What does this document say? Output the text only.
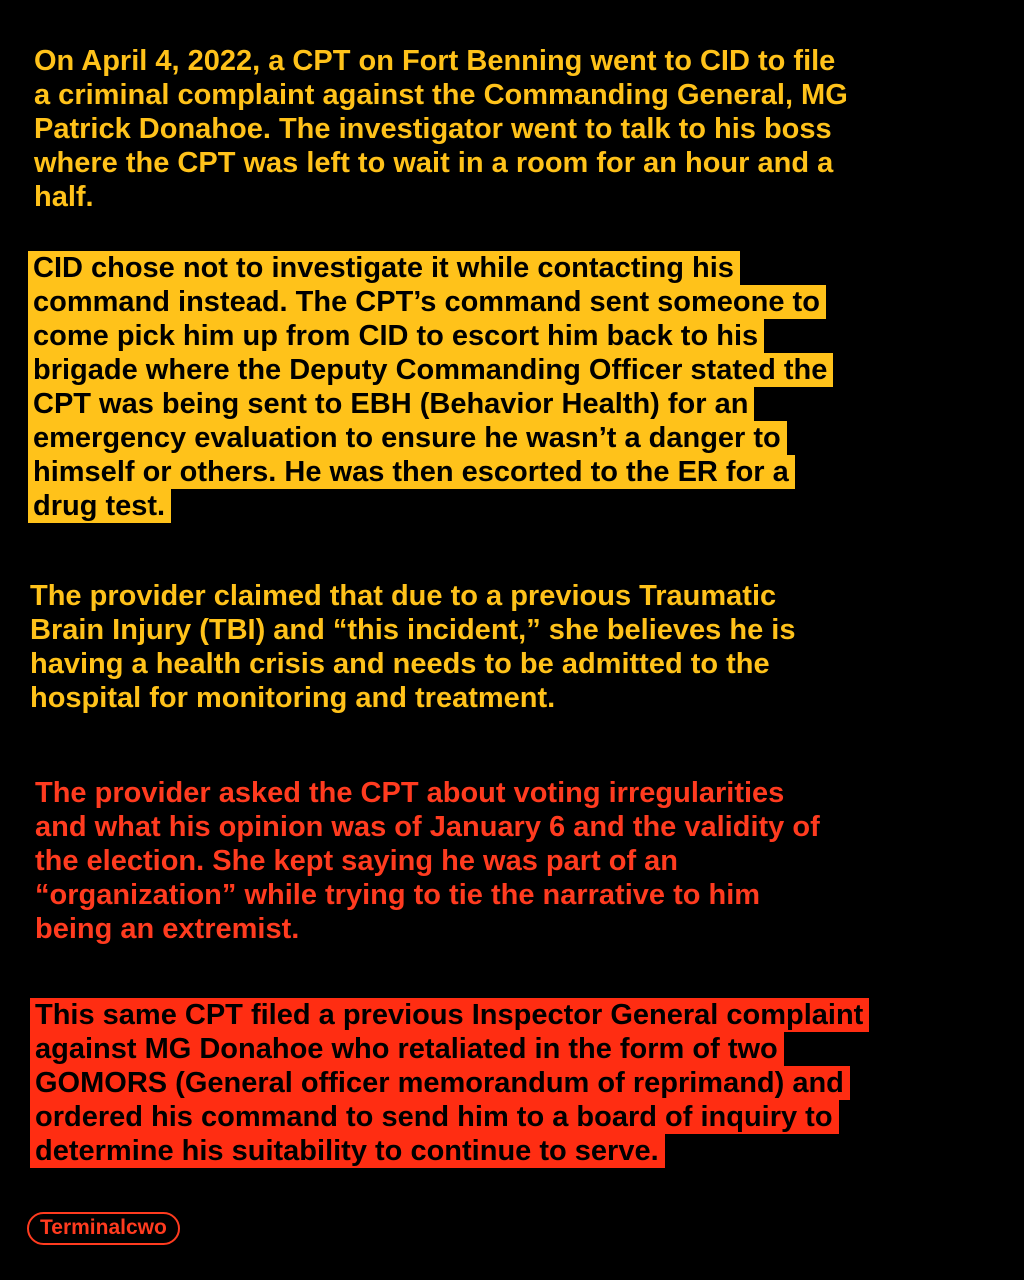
On April 4, 2022, a CPT on Fort Benning went to CID to file
a criminal complaint against the Commanding General, MG
Patrick Donahoe. The investigator went to talk to his boss
where the CPT was left to wait in a room for an hour and a
half.
CID chose not to investigate it while contacting his
command instead. The CPT’s command sent someone to
come pick him up from CID to escort him back to his
brigade where the Deputy Commanding Officer stated the
CPT was being sent to EBH (Behavior Health) for an
emergency evaluation to ensure he wasn’t a danger to
himself or others. He was then escorted to the ER for a
drug test.
The provider claimed that due to a previous Traumatic
Brain Injury (TBI) and “this incident,” she believes he is
having a health crisis and needs to be admitted to the
hospital for monitoring and treatment.
The provider asked the CPT about voting irregularities
and what his opinion was of January 6 and the validity of
the election. She kept saying he was part of an
“organization” while trying to tie the narrative to him
being an extremist.
This same CPT filed a previous Inspector General complaint
against MG Donahoe who retaliated in the form of two
GOMORS (General officer memorandum of reprimand) and
ordered his command to send him to a board of inquiry to
determine his suitability to continue to serve.
Terminalcwo
